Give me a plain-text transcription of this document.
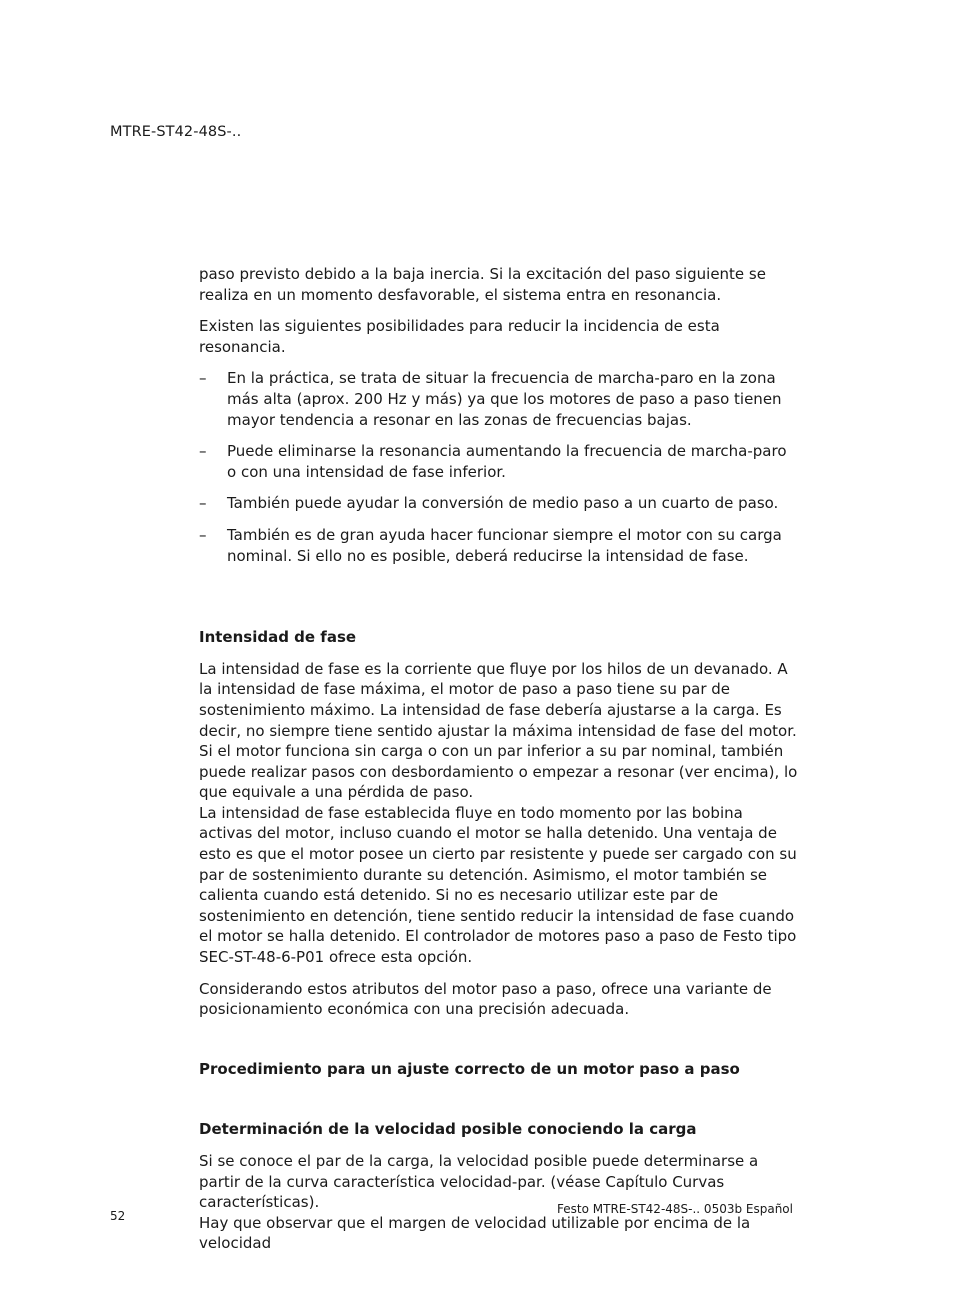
MTRE-ST42-48S-..

paso previsto debido a la baja inercia. Si la excitación del paso siguiente se realiza en un momento desfavorable, el sistema entra en resonancia.

Existen las siguientes posibilidades para reducir la incidencia de esta resonancia.

– En la práctica, se trata de situar la frecuencia de marcha-paro en la zona más alta (aprox. 200 Hz y más) ya que los motores de paso a paso tienen mayor tendencia a resonar en las zonas de frecuencias bajas.
– Puede eliminarse la resonancia aumentando la frecuencia de marcha-paro o con una intensidad de fase inferior.
– También puede ayudar la conversión de medio paso a un cuarto de paso.
– También es de gran ayuda hacer funcionar siempre el motor con su carga nominal. Si ello no es posible, deberá reducirse la intensidad de fase.
Intensidad de fase

La intensidad de fase es la corriente que fluye por los hilos de un devanado. A la intensidad de fase máxima, el motor de paso a paso tiene su par de sostenimiento máximo. La intensidad de fase debería ajustarse a la carga. Es decir, no siempre tiene sentido ajustar la máxima intensidad de fase del motor. Si el motor funciona sin carga o con un par inferior a su par nominal, también puede realizar pasos con desbordamiento o empezar a resonar (ver encima), lo que equivale a una pérdida de paso.

La intensidad de fase establecida fluye en todo momento por las bobina activas del motor, incluso cuando el motor se halla detenido. Una ventaja de esto es que el motor posee un cierto par resistente y puede ser cargado con su par de sostenimiento durante su detención. Asimismo, el motor también se calienta cuando está detenido. Si no es necesario utilizar este par de sostenimiento en detención, tiene sentido reducir la intensidad de fase cuando el motor se halla detenido. El controlador de motores paso a paso de Festo tipo SEC-ST-48-6-P01 ofrece esta opción.

Considerando estos atributos del motor paso a paso, ofrece una variante de posicionamiento económica con una precisión adecuada.

Procedimiento para un ajuste correcto de un motor paso a paso
Determinación de la velocidad posible conociendo la carga

Si se conoce el par de la carga, la velocidad posible puede determinarse a partir de la curva característica velocidad-par. (véase Capítulo Curvas características).

Hay que observar que el margen de velocidad utilizable por encima de la velocidad

52	Festo MTRE-ST42-48S-.. 0503b Español
